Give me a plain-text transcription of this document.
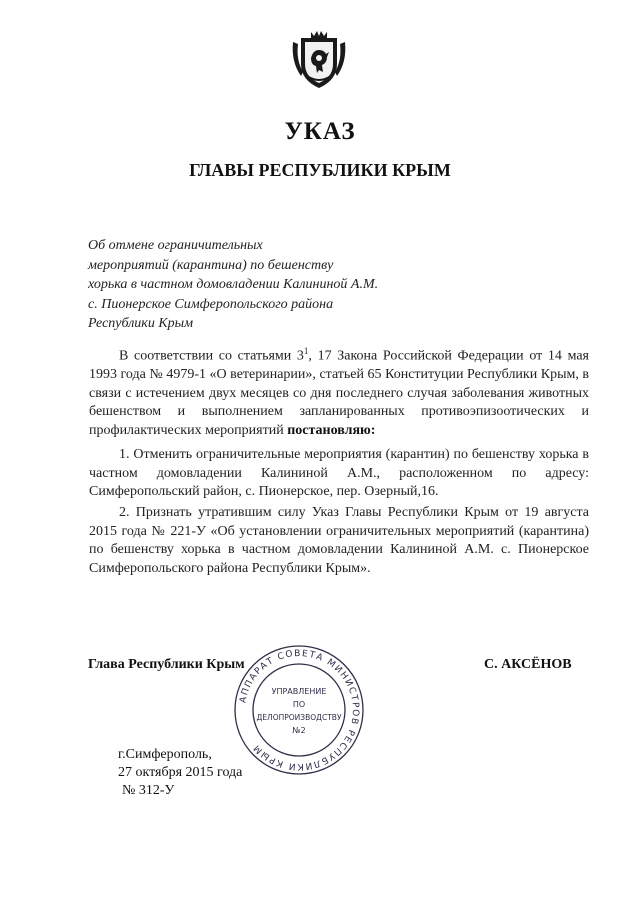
УКАЗ
ГЛАВЫ РЕСПУБЛИКИ КРЫМ
Об отмене ограничительных
мероприятий (карантина) по бешенству
хорька в частном домовладении Калининой А.М.
с. Пионерское Симферопольского района
Республики Крым
В соответствии со статьями $3^1$, 17 Закона Российской Федерации от 14 мая 1993 года № 4979-1 «О ветеринарии», статьей 65 Конституции Республики Крым, в связи с истечением двух месяцев со дня последнего случая заболевания животных бешенством и выполнением запланированных противоэпизоотических и профилактических мероприятий постановляю:
1. Отменить ограничительные мероприятия (карантин) по бешенству хорька в частном домовладении Калининой А.М., расположенном по адресу: Симферопольский район, с. Пионерское, пер. Озерный,16.
2. Признать утратившим силу Указ Главы Республики Крым от 19 августа 2015 года № 221-У «Об установлении ограничительных мероприятий (карантина) по бешенству хорька в частном домовладении Калининой А.М. с. Пионерское Симферопольского района Республики Крым».
Глава Республики Крым	С. АКСЁНОВ
АППАРАТ СОВЕТА МИНИСТРОВ РЕСПУБЛИКИ КРЫМ
УПРАВЛЕНИЕ
ПО
ДЕЛОПРОИЗВОДСТВУ
№2
г.Симферополь,
27 октября 2015 года
№ 312-У
